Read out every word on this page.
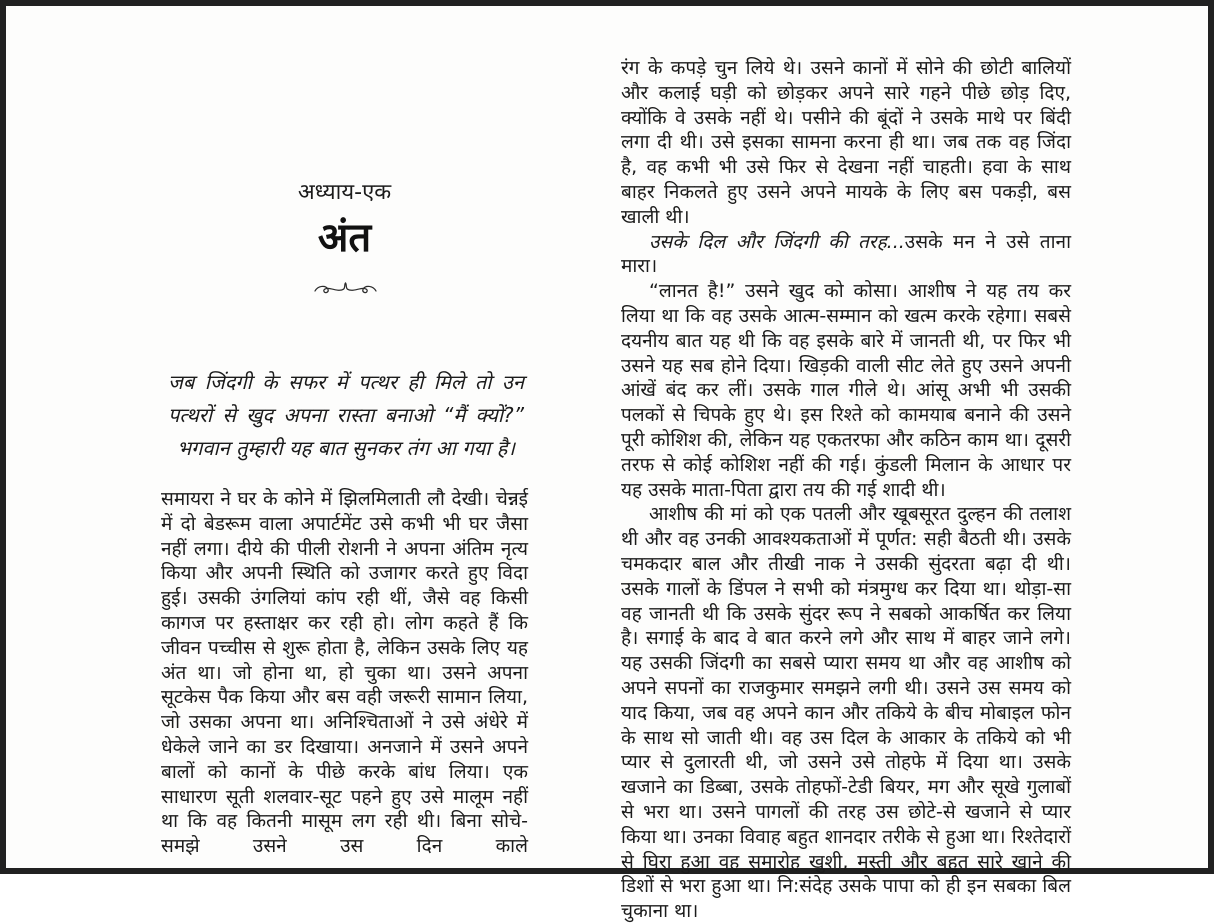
अध्याय-एक
अंत

जब जिंदगी के सफर में पत्थर ही मिले तो उन पत्थरों से खुद अपना रास्ता बनाओ “मैं क्यों?” भगवान तुम्हारी यह बात सुनकर तंग आ गया है।

समायरा ने घर के कोने में झिलमिलाती लौ देखी। चेन्नई में दो बेडरूम वाला अपार्टमेंट उसे कभी भी घर जैसा नहीं लगा। दीये की पीली रोशनी ने अपना अंतिम नृत्य किया और अपनी स्थिति को उजागर करते हुए विदा हुई। उसकी उंगलियां कांप रही थीं, जैसे वह किसी कागज पर हस्ताक्षर कर रही हो। लोग कहते हैं कि जीवन पच्चीस से शुरू होता है, लेकिन उसके लिए यह अंत था। जो होना था, हो चुका था। उसने अपना सूटकेस पैक किया और बस वही जरूरी सामान लिया, जो उसका अपना था। अनिश्चिताओं ने उसे अंधेरे में धेकेले जाने का डर दिखाया। अनजाने में उसने अपने बालों को कानों के पीछे करके बांध लिया। एक साधारण सूती शलवार-सूट पहने हुए उसे मालूम नहीं था कि वह कितनी मासूम लग रही थी। बिना सोचे-समझे उसने उस दिन काले

रंग के कपड़े चुन लिये थे। उसने कानों में सोने की छोटी बालियों और कलाई घड़ी को छोड़कर अपने सारे गहने पीछे छोड़ दिए, क्योंकि वे उसके नहीं थे। पसीने की बूंदों ने उसके माथे पर बिंदी लगा दी थी। उसे इसका सामना करना ही था। जब तक वह जिंदा है, वह कभी भी उसे फिर से देखना नहीं चाहती। हवा के साथ बाहर निकलते हुए उसने अपने मायके के लिए बस पकड़ी, बस खाली थी।

उसके दिल और जिंदगी की तरह...उसके मन ने उसे ताना मारा।

“लानत है!” उसने खुद को कोसा। आशीष ने यह तय कर लिया था कि वह उसके आत्म-सम्मान को खत्म करके रहेगा। सबसे दयनीय बात यह थी कि वह इसके बारे में जानती थी, पर फिर भी उसने यह सब होने दिया। खिड़की वाली सीट लेते हुए उसने अपनी आंखें बंद कर लीं। उसके गाल गीले थे। आंसू अभी भी उसकी पलकों से चिपके हुए थे। इस रिश्ते को कामयाब बनाने की उसने पूरी कोशिश की, लेकिन यह एकतरफा और कठिन काम था। दूसरी तरफ से कोई कोशिश नहीं की गई। कुंडली मिलान के आधार पर यह उसके माता-पिता द्वारा तय की गई शादी थी।

आशीष की मां को एक पतली और खूबसूरत दुल्हन की तलाश थी और वह उनकी आवश्यकताओं में पूर्णत: सही बैठती थी। उसके चमकदार बाल और तीखी नाक ने उसकी सुंदरता बढ़ा दी थी। उसके गालों के डिंपल ने सभी को मंत्रमुग्ध कर दिया था। थोड़ा-सा वह जानती थी कि उसके सुंदर रूप ने सबको आकर्षित कर लिया है। सगाई के बाद वे बात करने लगे और साथ में बाहर जाने लगे। यह उसकी जिंदगी का सबसे प्यारा समय था और वह आशीष को अपने सपनों का राजकुमार समझने लगी थी। उसने उस समय को याद किया, जब वह अपने कान और तकिये के बीच मोबाइल फोन के साथ सो जाती थी। वह उस दिल के आकार के तकिये को भी प्यार से दुलारती थी, जो उसने उसे तोहफे में दिया था। उसके खजाने का डिब्बा, उसके तोहफों-टेडी बियर, मग और सूखे गुलाबों से भरा था। उसने पागलों की तरह उस छोटे-से खजाने से प्यार किया था। उनका विवाह बहुत शानदार तरीके से हुआ था। रिश्तेदारों से घिरा हुआ वह समारोह खुशी, मस्ती और बहुत सारे खाने की डिशों से भरा हुआ था। नि:संदेह उसके पापा को ही इन सबका बिल चुकाना था।
